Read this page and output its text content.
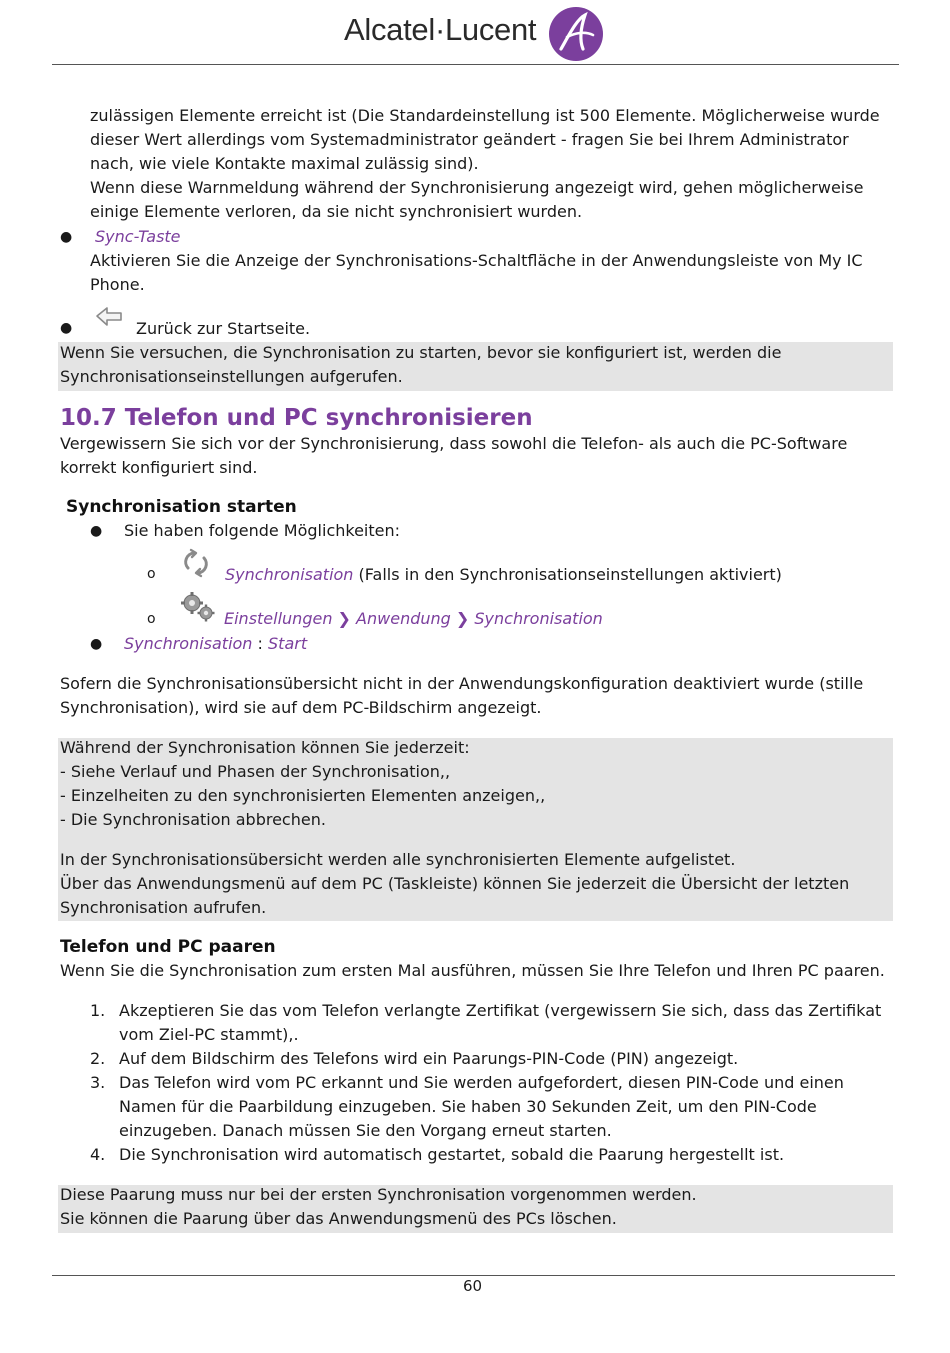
Alcatel·Lucent
zulässigen Elemente erreicht ist (Die Standardeinstellung ist 500 Elemente. Möglicherweise wurde
dieser Wert allerdings vom Systemadministrator geändert - fragen Sie bei Ihrem Administrator
nach, wie viele Kontakte maximal zulässig sind).
Wenn diese Warnmeldung während der Synchronisierung angezeigt wird, gehen möglicherweise
einige Elemente verloren, da sie nicht synchronisiert wurden.
● Sync-Taste
Aktivieren Sie die Anzeige der Synchronisations-Schaltfläche in der Anwendungsleiste von My IC
Phone.
●	Zurück zur Startseite.
Wenn Sie versuchen, die Synchronisation zu starten, bevor sie konfiguriert ist, werden die
Synchronisationseinstellungen aufgerufen.
10.7 Telefon und PC synchronisieren
Vergewissern Sie sich vor der Synchronisierung, dass sowohl die Telefon- als auch die PC-Software
korrekt konfiguriert sind.
Synchronisation starten
● Sie haben folgende Möglichkeiten:
o	Synchronisation (Falls in den Synchronisationseinstellungen aktiviert)
o	Einstellungen ❯ Anwendung ❯ Synchronisation
● Synchronisation : Start
Sofern die Synchronisationsübersicht nicht in der Anwendungskonfiguration deaktiviert wurde (stille
Synchronisation), wird sie auf dem PC-Bildschirm angezeigt.
Während der Synchronisation können Sie jederzeit:
- Siehe Verlauf und Phasen der Synchronisation,,
- Einzelheiten zu den synchronisierten Elementen anzeigen,,
- Die Synchronisation abbrechen.
In der Synchronisationsübersicht werden alle synchronisierten Elemente aufgelistet.
Über das Anwendungsmenü auf dem PC (Taskleiste) können Sie jederzeit die Übersicht der letzten
Synchronisation aufrufen.
Telefon und PC paaren
Wenn Sie die Synchronisation zum ersten Mal ausführen, müssen Sie Ihre Telefon und Ihren PC paaren.
1. Akzeptieren Sie das vom Telefon verlangte Zertifikat (vergewissern Sie sich, dass das Zertifikat
vom Ziel-PC stammt),.
2. Auf dem Bildschirm des Telefons wird ein Paarungs-PIN-Code (PIN) angezeigt.
3. Das Telefon wird vom PC erkannt und Sie werden aufgefordert, diesen PIN-Code und einen
Namen für die Paarbildung einzugeben. Sie haben 30 Sekunden Zeit, um den PIN-Code
einzugeben. Danach müssen Sie den Vorgang erneut starten.
4. Die Synchronisation wird automatisch gestartet, sobald die Paarung hergestellt ist.
Diese Paarung muss nur bei der ersten Synchronisation vorgenommen werden.
Sie können die Paarung über das Anwendungsmenü des PCs löschen.
60
